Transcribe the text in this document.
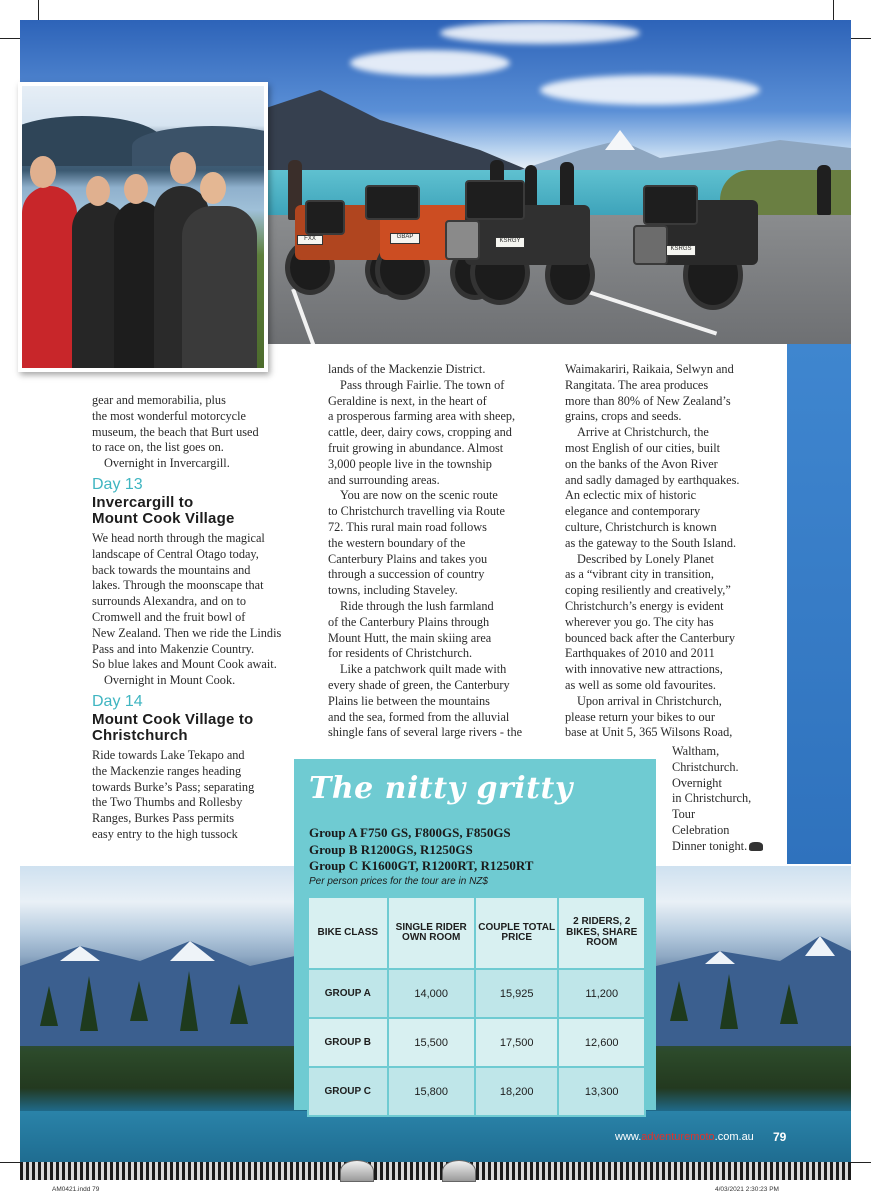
FXX	GBAP
KSRGY
KSRGS

gear and memorabilia, plus

the most wonderful motorcycle

museum, the beach that Burt used

to race on, the list goes on.

Overnight in Invercargill.

Day 13
Invercargill to
Mount Cook Village

We head north through the magical

landscape of Central Otago today,

back towards the mountains and

lakes. Through the moonscape that

surrounds Alexandra, and on to

Cromwell and the fruit bowl of

New Zealand. Then we ride the Lindis

Pass and into Makenzie Country.

So blue lakes and Mount Cook await.

Overnight in Mount Cook.

Day 14
Mount Cook Village to
Christchurch

Ride towards Lake Tekapo and

the Mackenzie ranges heading

towards Burke’s Pass; separating

the Two Thumbs and Rollesby

Ranges, Burkes Pass permits

easy entry to the high tussock

lands of the Mackenzie District.

Pass through Fairlie. The town of

Geraldine is next, in the heart of

a prosperous farming area with sheep,

cattle, deer, dairy cows, cropping and

fruit growing in abundance. Almost

3,000 people live in the township

and surrounding areas.

You are now on the scenic route

to Christchurch travelling via Route

72. This rural main road follows

the western boundary of the

Canterbury Plains and takes you

through a succession of country

towns, including Staveley.

Ride through the lush farmland

of the Canterbury Plains through

Mount Hutt, the main skiing area

for residents of Christchurch.

Like a patchwork quilt made with

every shade of green, the Canterbury

Plains lie between the mountains

and the sea, formed from the alluvial

shingle fans of several large rivers - the

Waimakariri, Raikaia, Selwyn and

Rangitata. The area produces

more than 80% of New Zealand’s

grains, crops and seeds.

Arrive at Christchurch, the

most English of our cities, built

on the banks of the Avon River

and sadly damaged by earthquakes.

An eclectic mix of historic

elegance and contemporary

culture, Christchurch is known

as the gateway to the South Island.

Described by Lonely Planet

as a “vibrant city in transition,

coping resiliently and creatively,”

Christchurch’s energy is evident

wherever you go. The city has

bounced back after the Canterbury

Earthquakes of 2010 and 2011

with innovative new attractions,

as well as some old favourites.

Upon arrival in Christchurch,

please return your bikes to our

base at Unit 5, 365 Wilsons Road,

Waltham,

Christchurch.

Overnight

in Christchurch,

Tour

Celebration

Dinner tonight.

The nitty gritty
Group A F750 GS, F800GS, F850GS
Group B R1200GS, R1250GS
Group C K1600GT, R1200RT, R1250RT
Per person prices for the tour are in NZ$
BIKE CLASS	SINGLE RIDER OWN ROOM	COUPLE TOTAL PRICE	2 RIDERS, 2 BIKES, SHARE ROOM
GROUP A	14,000	15,925	11,200
GROUP B	15,500	17,500	12,600
GROUP C	15,800	18,200	13,300
www.adventuremoto.com.au 79
AM0421.indd 79	4/03/2021 2:30:23 PM
